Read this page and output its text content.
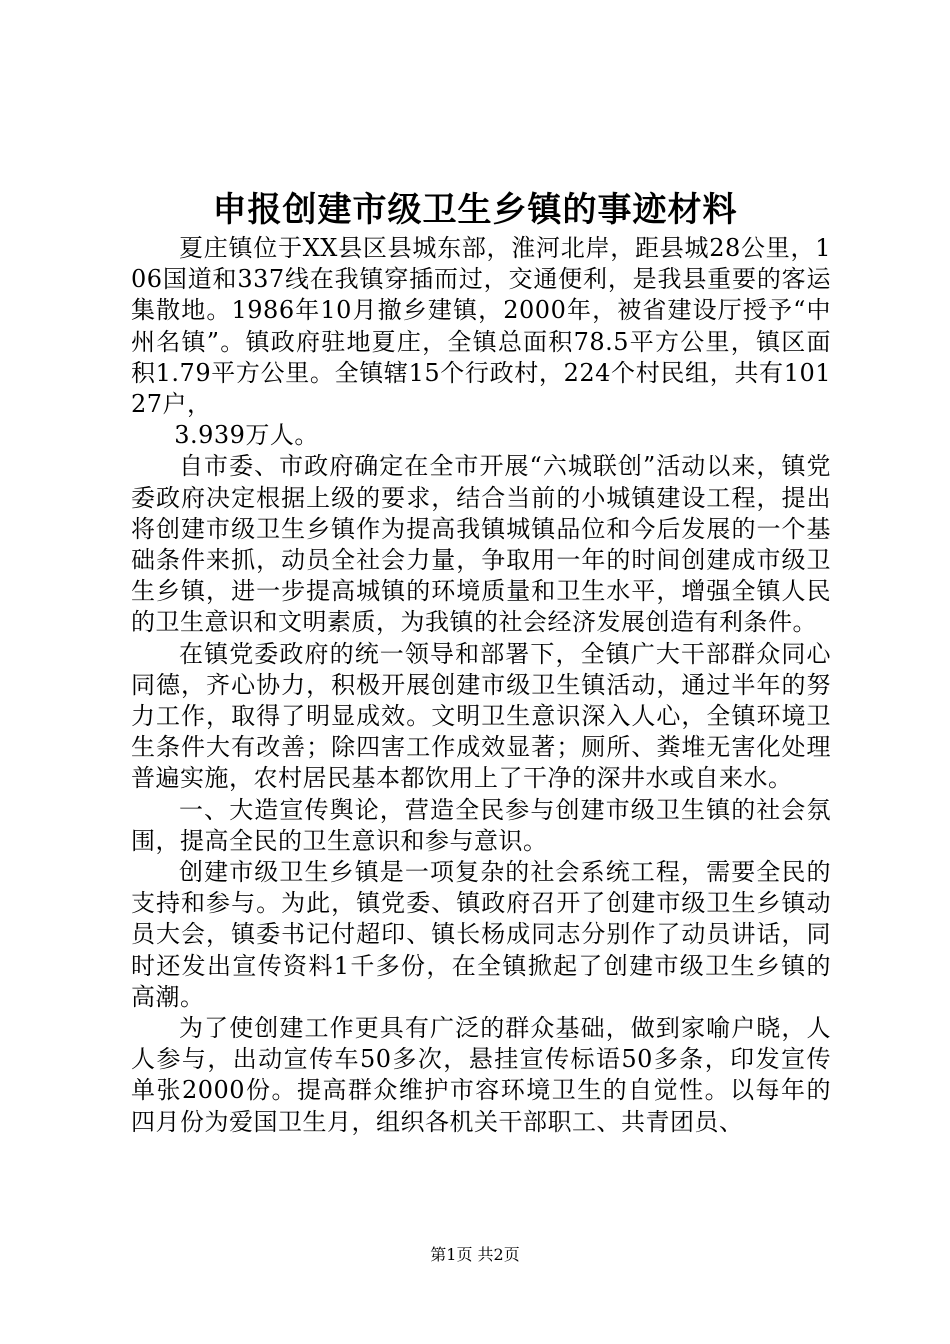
申报创建市级卫生乡镇的事迹材料

夏庄镇位于XX县区县城东部，淮河北岸，距县城28公里，106国道和337线在我镇穿插而过，交通便利，是我县重要的客运集散地。1986年10月撤乡建镇，2000年，被省建设厅授予“中州名镇”。镇政府驻地夏庄，全镇总面积78.5平方公里，镇区面积1.79平方公里。全镇辖15个行政村，224个村民组，共有10127户，

3.939万人。

自市委、市政府确定在全市开展“六城联创”活动以来，镇党委政府决定根据上级的要求，结合当前的小城镇建设工程，提出将创建市级卫生乡镇作为提高我镇城镇品位和今后发展的一个基础条件来抓，动员全社会力量，争取用一年的时间创建成市级卫生乡镇，进一步提高城镇的环境质量和卫生水平，增强全镇人民的卫生意识和文明素质，为我镇的社会经济发展创造有利条件。

在镇党委政府的统一领导和部署下，全镇广大干部群众同心同德，齐心协力，积极开展创建市级卫生镇活动，通过半年的努力工作，取得了明显成效。文明卫生意识深入人心，全镇环境卫生条件大有改善；除四害工作成效显著；厕所、粪堆无害化处理普遍实施，农村居民基本都饮用上了干净的深井水或自来水。

一、大造宣传舆论，营造全民参与创建市级卫生镇的社会氛围，提高全民的卫生意识和参与意识。

创建市级卫生乡镇是一项复杂的社会系统工程，需要全民的支持和参与。为此，镇党委、镇政府召开了创建市级卫生乡镇动员大会，镇委书记付超印、镇长杨成同志分别作了动员讲话，同时还发出宣传资料1千多份，在全镇掀起了创建市级卫生乡镇的高潮。

为了使创建工作更具有广泛的群众基础，做到家喻户晓，人人参与，出动宣传车50多次，悬挂宣传标语50多条，印发宣传单张2000份。提高群众维护市容环境卫生的自觉性。以每年的四月份为爱国卫生月，组织各机关干部职工、共青团员、

第1页 共2页
